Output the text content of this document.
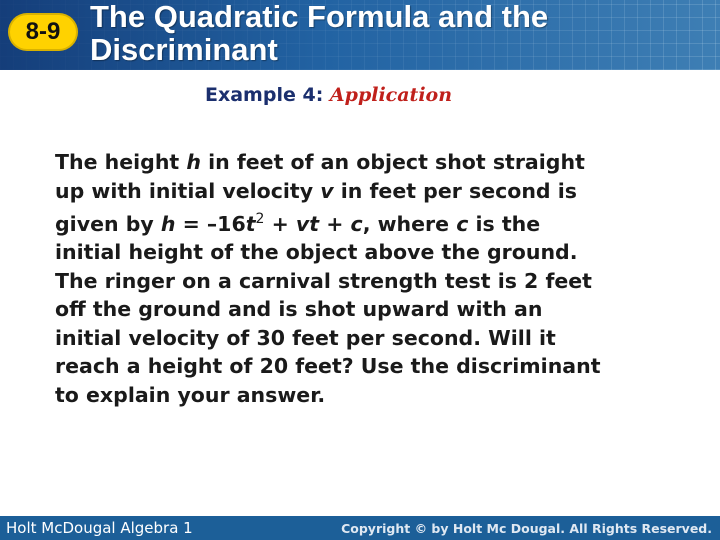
8-9 The Quadratic Formula and the
Discriminant
Example 4: Application

The height h in feet of an object shot straight
up with initial velocity v in feet per second is
given by $h = -16t^2$ + vt + c, where c is the
initial height of the object above the ground.
The ringer on a carnival strength test is 2 feet
off the ground and is shot upward with an
initial velocity of 30 feet per second. Will it
reach a height of 20 feet? Use the discriminant
to explain your answer.

Holt McDougal Algebra 1	Copyright © by Holt Mc Dougal. All Rights Reserved.
